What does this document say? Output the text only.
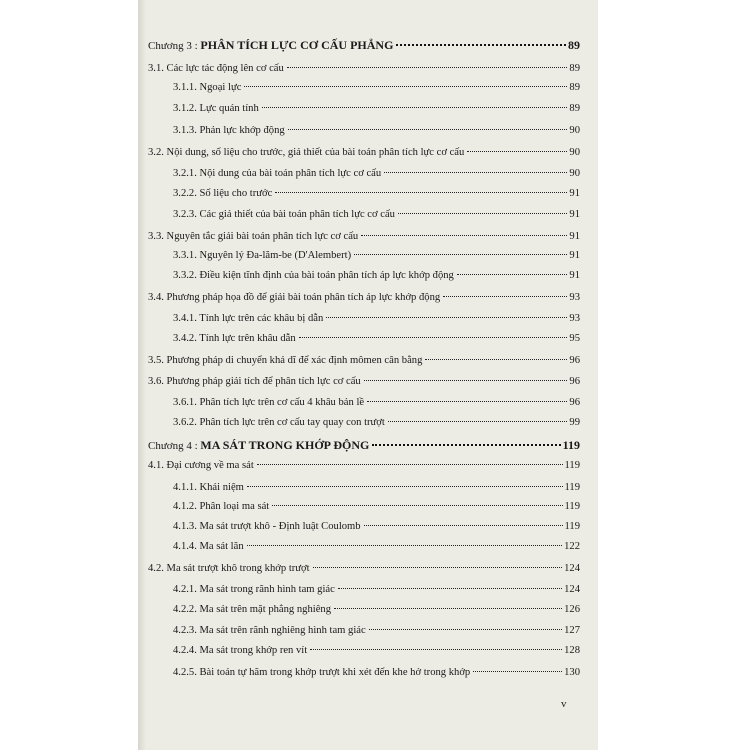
Chương 3 : PHÂN TÍCH LỰC CƠ CẤU PHẲNG	89
3.1. Các lực tác động lên cơ cấu	89
3.1.1. Ngoại lực	89
3.1.2. Lực quán tính	89
3.1.3. Phản lực khớp động	90
3.2. Nội dung, số liệu cho trước, giả thiết của bài toán phân tích lực cơ cấu	90
3.2.1. Nội dung của bài toán phân tích lực cơ cấu	90
3.2.2. Số liệu cho trước	91
3.2.3. Các giả thiết của bài toán phân tích lực cơ cấu	91
3.3. Nguyên tắc giải bài toán phân tích lực cơ cấu	91
3.3.1. Nguyên lý Đa-lăm-be (D'Alembert)	91
3.3.2. Điều kiện tĩnh định của bài toán phân tích áp lực khớp động	91
3.4. Phương pháp họa đồ để giải bài toán phân tích áp lực khớp động	93
3.4.1. Tính lực trên các khâu bị dẫn	93
3.4.2. Tính lực trên khâu dẫn	95
3.5. Phương pháp di chuyển khả dĩ để xác định mômen cân bằng	96
3.6. Phương pháp giải tích để phân tích lực cơ cấu	96
3.6.1. Phân tích lực trên cơ cấu 4 khâu bản lề	96
3.6.2. Phân tích lực trên cơ cấu tay quay con trượt	99
Chương 4 : MA SÁT TRONG KHỚP ĐỘNG	119
4.1. Đại cương về ma sát	119
4.1.1. Khái niệm	119
4.1.2. Phân loại ma sát	119
4.1.3. Ma sát trượt khô - Định luật Coulomb	119
4.1.4. Ma sát lăn	122
4.2. Ma sát trượt khô trong khớp trượt	124
4.2.1. Ma sát trong rãnh hình tam giác	124
4.2.2. Ma sát trên mặt phẳng nghiêng	126
4.2.3. Ma sát trên rãnh nghiêng hình tam giác	127
4.2.4. Ma sát trong khớp ren vít	128
4.2.5. Bài toán tự hãm trong khớp trượt khi xét đến khe hở trong khớp	130
v
